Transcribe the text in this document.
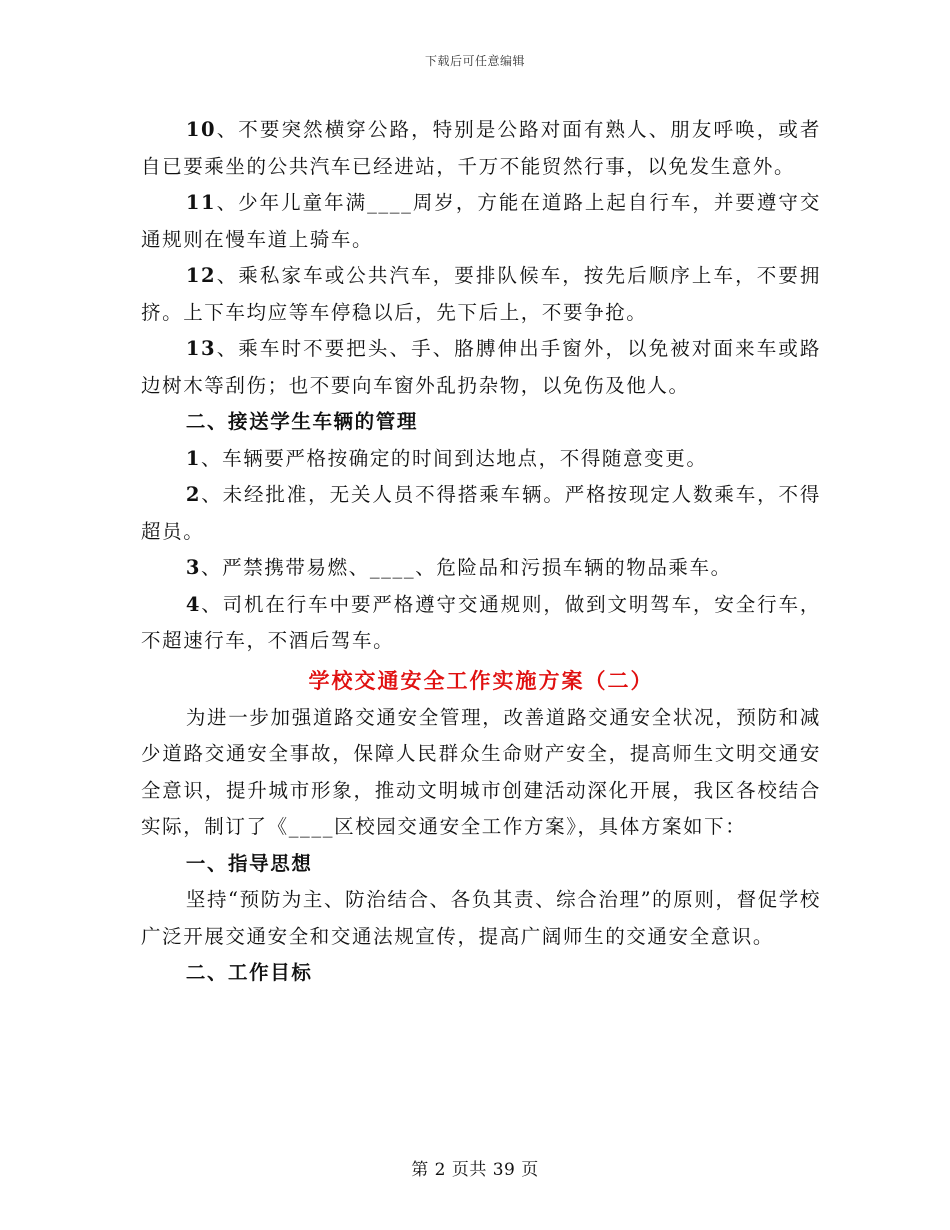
下载后可任意编辑

10、不要突然横穿公路，特别是公路对面有熟人、朋友呼唤，或者自已要乘坐的公共汽车已经进站，千万不能贸然行事，以免发生意外。

11、少年儿童年满____周岁，方能在道路上起自行车，并要遵守交通规则在慢车道上骑车。

12、乘私家车或公共汽车，要排队候车，按先后顺序上车，不要拥挤。上下车均应等车停稳以后，先下后上，不要争抢。

13、乘车时不要把头、手、胳膊伸出手窗外，以免被对面来车或路边树木等刮伤；也不要向车窗外乱扔杂物，以免伤及他人。

二、接送学生车辆的管理

1、车辆要严格按确定的时间到达地点，不得随意变更。

2、未经批准，无关人员不得搭乘车辆。严格按现定人数乘车，不得超员。

3、严禁携带易燃、____、危险品和污损车辆的物品乘车。

4、司机在行车中要严格遵守交通规则，做到文明驾车，安全行车，不超速行车，不酒后驾车。

学校交通安全工作实施方案（二）

为进一步加强道路交通安全管理，改善道路交通安全状况，预防和减少道路交通安全事故，保障人民群众生命财产安全，提高师生文明交通安全意识，提升城市形象，推动文明城市创建活动深化开展，我区各校结合实际，制订了《____区校园交通安全工作方案》，具体方案如下：

一、指导思想

坚持“预防为主、防治结合、各负其责、综合治理”的原则，督促学校广泛开展交通安全和交通法规宣传，提高广阔师生的交通安全意识。

二、工作目标

第 2 页共 39 页
